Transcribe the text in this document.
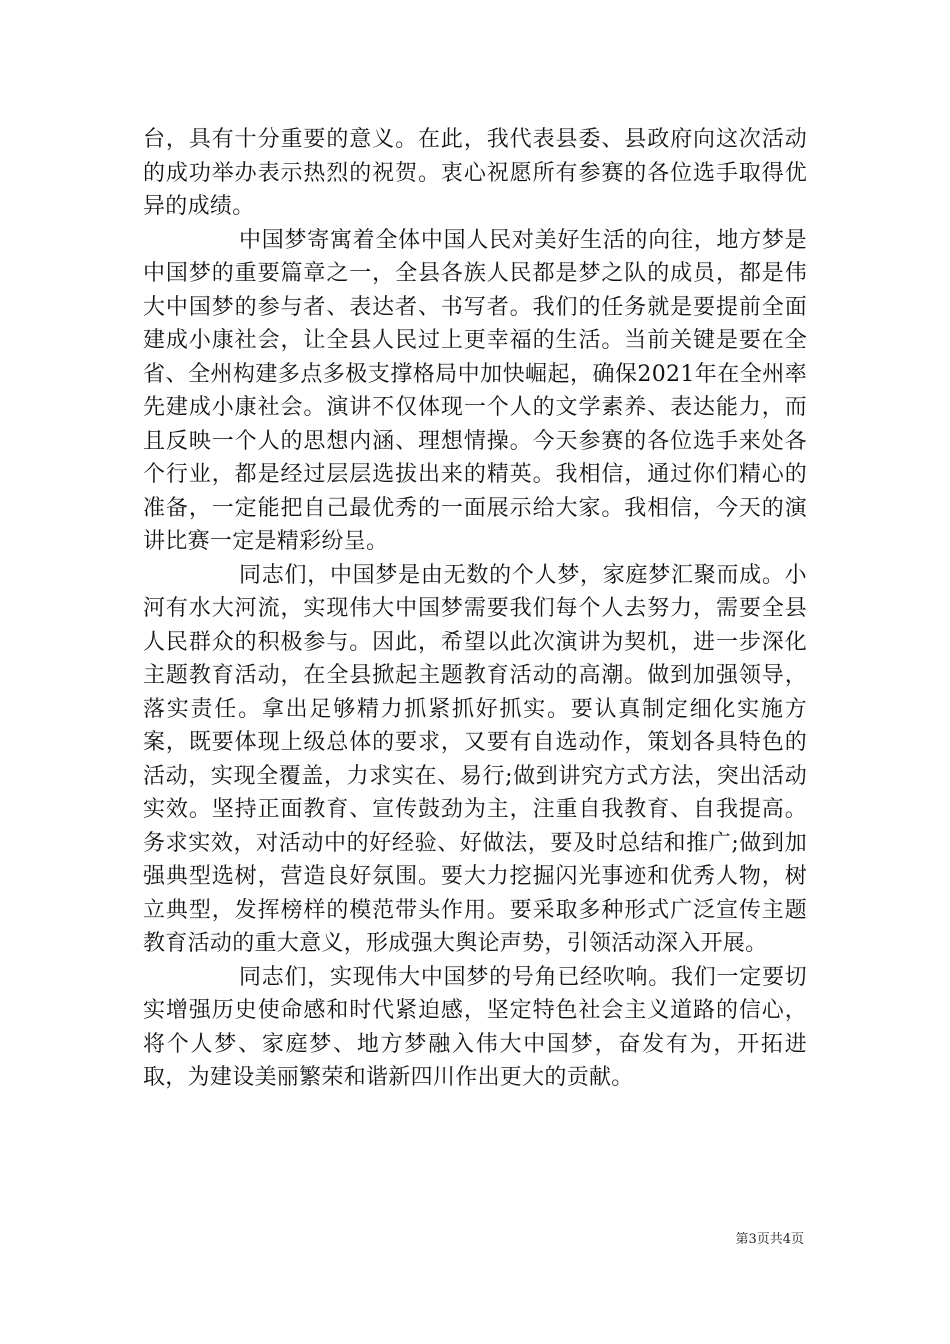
台，具有十分重要的意义。在此，我代表县委、县政府向这次活动的成功举办表示热烈的祝贺。衷心祝愿所有参赛的各位选手取得优异的成绩。

中国梦寄寓着全体中国人民对美好生活的向往，地方梦是中国梦的重要篇章之一，全县各族人民都是梦之队的成员，都是伟大中国梦的参与者、表达者、书写者。我们的任务就是要提前全面建成小康社会，让全县人民过上更幸福的生活。当前关键是要在全省、全州构建多点多极支撑格局中加快崛起，确保2021年在全州率先建成小康社会。演讲不仅体现一个人的文学素养、表达能力，而且反映一个人的思想内涵、理想情操。今天参赛的各位选手来处各个行业，都是经过层层选拔出来的精英。我相信，通过你们精心的准备，一定能把自己最优秀的一面展示给大家。我相信，今天的演讲比赛一定是精彩纷呈。

同志们，中国梦是由无数的个人梦，家庭梦汇聚而成。小河有水大河流，实现伟大中国梦需要我们每个人去努力，需要全县人民群众的积极参与。因此，希望以此次演讲为契机，进一步深化主题教育活动，在全县掀起主题教育活动的高潮。做到加强领导，落实责任。拿出足够精力抓紧抓好抓实。要认真制定细化实施方案，既要体现上级总体的要求，又要有自选动作，策划各具特色的活动，实现全覆盖，力求实在、易行;做到讲究方式方法，突出活动实效。坚持正面教育、宣传鼓劲为主，注重自我教育、自我提高。务求实效，对活动中的好经验、好做法，要及时总结和推广;做到加强典型选树，营造良好氛围。要大力挖掘闪光事迹和优秀人物，树立典型，发挥榜样的模范带头作用。要采取多种形式广泛宣传主题教育活动的重大意义，形成强大舆论声势，引领活动深入开展。

同志们，实现伟大中国梦的号角已经吹响。我们一定要切实增强历史使命感和时代紧迫感，坚定特色社会主义道路的信心，将个人梦、家庭梦、地方梦融入伟大中国梦，奋发有为，开拓进取，为建设美丽繁荣和谐新四川作出更大的贡献。

第3页共4页
